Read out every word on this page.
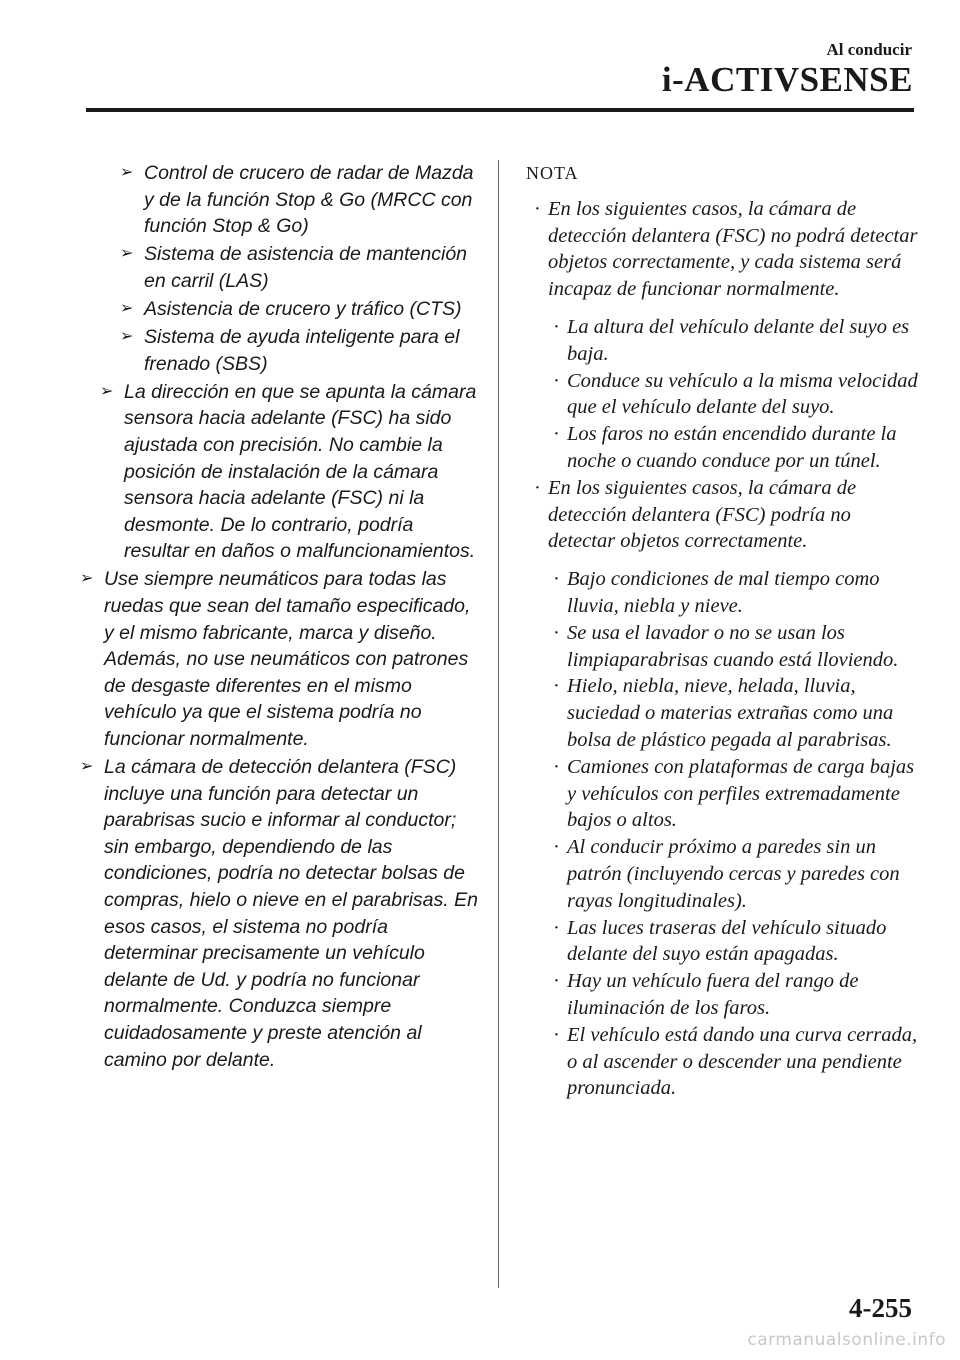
Al conducir
i-ACTIVSENSE
➢ Control de crucero de radar de Mazda y de la función Stop & Go (MRCC con función Stop & Go)
➢ Sistema de asistencia de mantención en carril (LAS)
➢ Asistencia de crucero y tráfico (CTS)
➢ Sistema de ayuda inteligente para el frenado (SBS)
➢ La dirección en que se apunta la cámara sensora hacia adelante (FSC) ha sido ajustada con precisión. No cambie la posición de instalación de la cámara sensora hacia adelante (FSC) ni la desmonte. De lo contrario, podría resultar en daños o malfuncionamientos.
➢ Use siempre neumáticos para todas las ruedas que sean del tamaño especificado, y el mismo fabricante, marca y diseño. Además, no use neumáticos con patrones de desgaste diferentes en el mismo vehículo ya que el sistema podría no funcionar normalmente.
➢ La cámara de detección delantera (FSC) incluye una función para detectar un parabrisas sucio e informar al conductor; sin embargo, dependiendo de las condiciones, podría no detectar bolsas de compras, hielo o nieve en el parabrisas. En esos casos, el sistema no podría determinar precisamente un vehículo delante de Ud. y podría no funcionar normalmente. Conduzca siempre cuidadosamente y preste atención al camino por delante.
NOTA
· En los siguientes casos, la cámara de detección delantera (FSC) no podrá detectar objetos correctamente, y cada sistema será incapaz de funcionar normalmente.
· La altura del vehículo delante del suyo es baja.
· Conduce su vehículo a la misma velocidad que el vehículo delante del suyo.
· Los faros no están encendido durante la noche o cuando conduce por un túnel.
· En los siguientes casos, la cámara de detección delantera (FSC) podría no detectar objetos correctamente.
· Bajo condiciones de mal tiempo como lluvia, niebla y nieve.
· Se usa el lavador o no se usan los limpiaparabrisas cuando está lloviendo.
· Hielo, niebla, nieve, helada, lluvia, suciedad o materias extrañas como una bolsa de plástico pegada al parabrisas.
· Camiones con plataformas de carga bajas y vehículos con perfiles extremadamente bajos o altos.
· Al conducir próximo a paredes sin un patrón (incluyendo cercas y paredes con rayas longitudinales).
· Las luces traseras del vehículo situado delante del suyo están apagadas.
· Hay un vehículo fuera del rango de iluminación de los faros.
· El vehículo está dando una curva cerrada, o al ascender o descender una pendiente pronunciada.
4-255
carmanualsonline.info
